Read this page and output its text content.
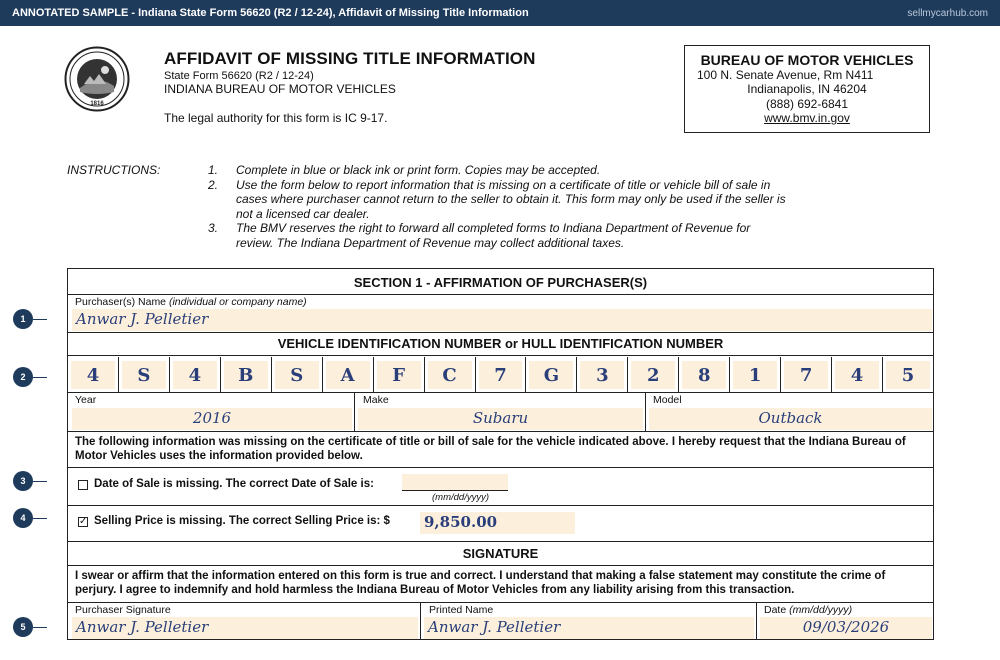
ANNOTATED SAMPLE - Indiana State Form 56620 (R2 / 12-24), Affidavit of Missing Title Information	sellmycarhub.com
1816
AFFIDAVIT OF MISSING TITLE INFORMATION
State Form 56620 (R2 / 12-24)
INDIANA BUREAU OF MOTOR VEHICLES
The legal authority for this form is IC 9-17.
BUREAU OF MOTOR VEHICLES
100 N. Senate Avenue, Rm N411
Indianapolis, IN 46204
(888) 692-6841
www.bmv.in.gov
INSTRUCTIONS:	1.	Complete in blue or black ink or print form. Copies may be accepted.
2.	Use the form below to report information that is missing on a certificate of title or vehicle bill of sale in cases where purchaser cannot return to the seller to obtain it. This form may only be used if the seller is not a licensed car dealer.
3.	The BMV reserves the right to forward all completed forms to Indiana Department of Revenue for review. The Indiana Department of Revenue may collect additional taxes.
1
2
3
4
5
SECTION 1 - AFFIRMATION OF PURCHASER(S)
Purchaser(s) Name (individual or company name)
Anwar J. Pelletier
VEHICLE IDENTIFICATION NUMBER or HULL IDENTIFICATION NUMBER
4	S	4	B	S	A	F	C	7	G	3	2	8	1	7	4	5
Year
2016
Make
Subaru
Model
Outback
The following information was missing on the certificate of title or bill of sale for the vehicle indicated above. I hereby request that the Indiana Bureau of Motor Vehicles uses the information provided below.
Date of Sale is missing. The correct Date of Sale is:
(mm/dd/yyyy)
✓ Selling Price is missing. The correct Selling Price is: $ 9,850.00
SIGNATURE
I swear or affirm that the information entered on this form is true and correct. I understand that making a false statement may constitute the crime of perjury. I agree to indemnify and hold harmless the Indiana Bureau of Motor Vehicles from any liability arising from this transaction.
Purchaser Signature
Anwar J. Pelletier
Printed Name
Anwar J. Pelletier
Date (mm/dd/yyyy)
09/03/2026
